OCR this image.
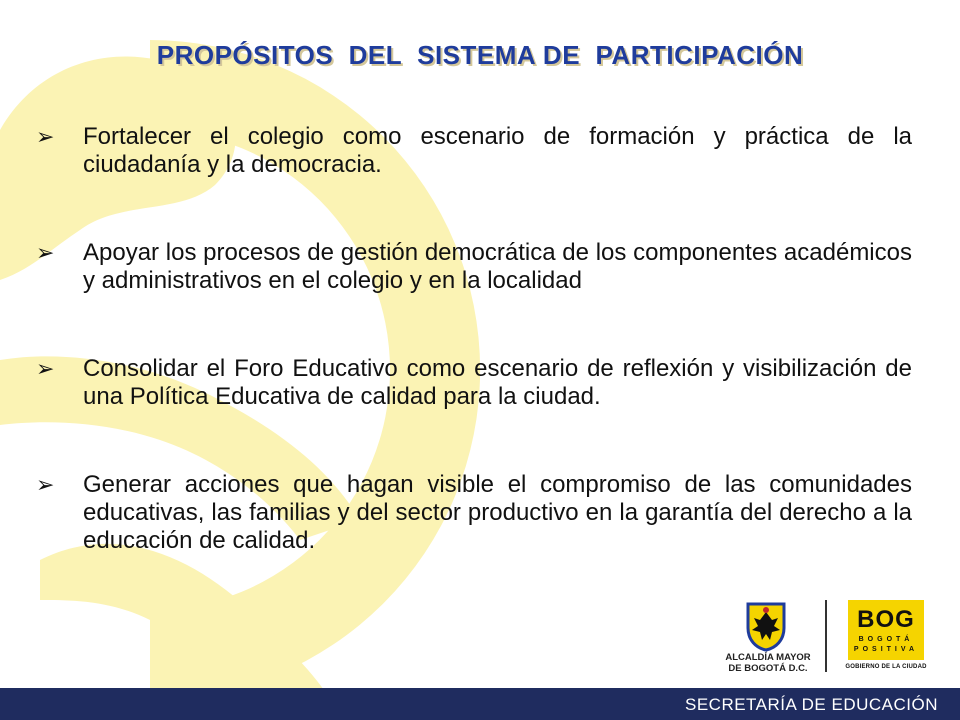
PROPÓSITOS  DEL  SISTEMA DE  PARTICIPACIÓN
➢	Fortalecer el colegio como escenario de formación y práctica de la ciudadanía y la democracia.
➢	Apoyar los procesos de gestión democrática de los componentes académicos y administrativos en el colegio y en la localidad
➢	Consolidar el Foro Educativo como escenario de reflexión y visibilización de una Política Educativa de calidad para la ciudad.
➢	Generar acciones que hagan visible el compromiso de las comunidades educativas, las familias y del sector productivo en la garantía del derecho a la educación de calidad.
ALCALDÍA MAYOR
DE BOGOTÁ D.C.
BOG
BOGOTÁ
POSITIVA
GOBIERNO DE LA CIUDAD
SECRETARÍA DE EDUCACIÓN
